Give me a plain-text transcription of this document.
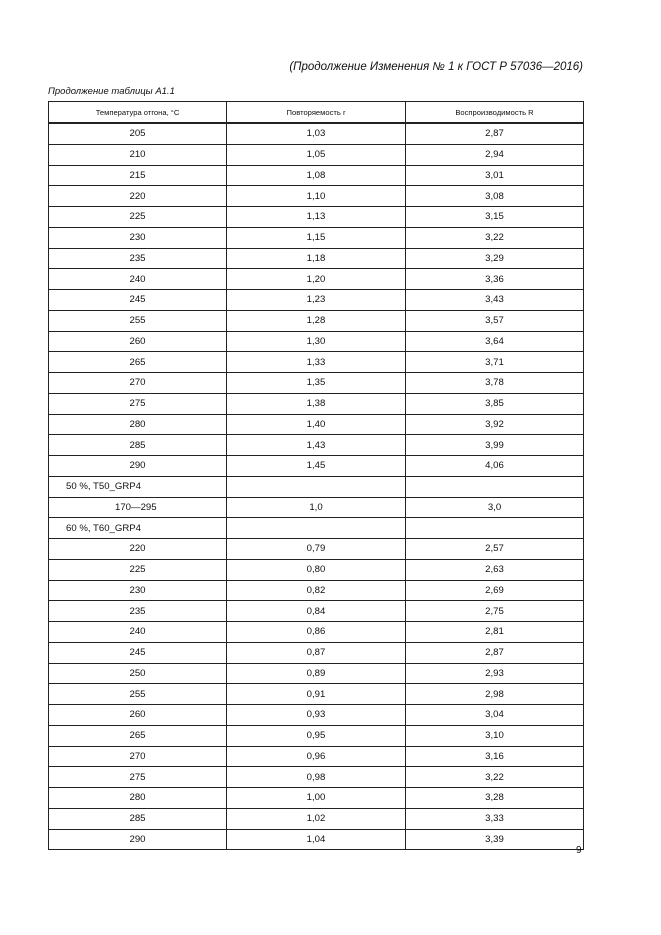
(Продолжение Изменения № 1 к ГОСТ Р 57036—2016)
Продолжение таблицы А1.1
Температура отгона, °С	Повторяемость r	Воспроизводимость R
205	1,03	2,87
210	1,05	2,94
215	1,08	3,01
220	1,10	3,08
225	1,13	3,15
230	1,15	3,22
235	1,18	3,29
240	1,20	3,36
245	1,23	3,43
255	1,28	3,57
260	1,30	3,64
265	1,33	3,71
270	1,35	3,78
275	1,38	3,85
280	1,40	3,92
285	1,43	3,99
290	1,45	4,06
50 %, T50_GRP4		
170—295	1,0	3,0
60 %, T60_GRP4		
220	0,79	2,57
225	0,80	2,63
230	0,82	2,69
235	0,84	2,75
240	0,86	2,81
245	0,87	2,87
250	0,89	2,93
255	0,91	2,98
260	0,93	3,04
265	0,95	3,10
270	0,96	3,16
275	0,98	3,22
280	1,00	3,28
285	1,02	3,33
290	1,04	3,39
9
